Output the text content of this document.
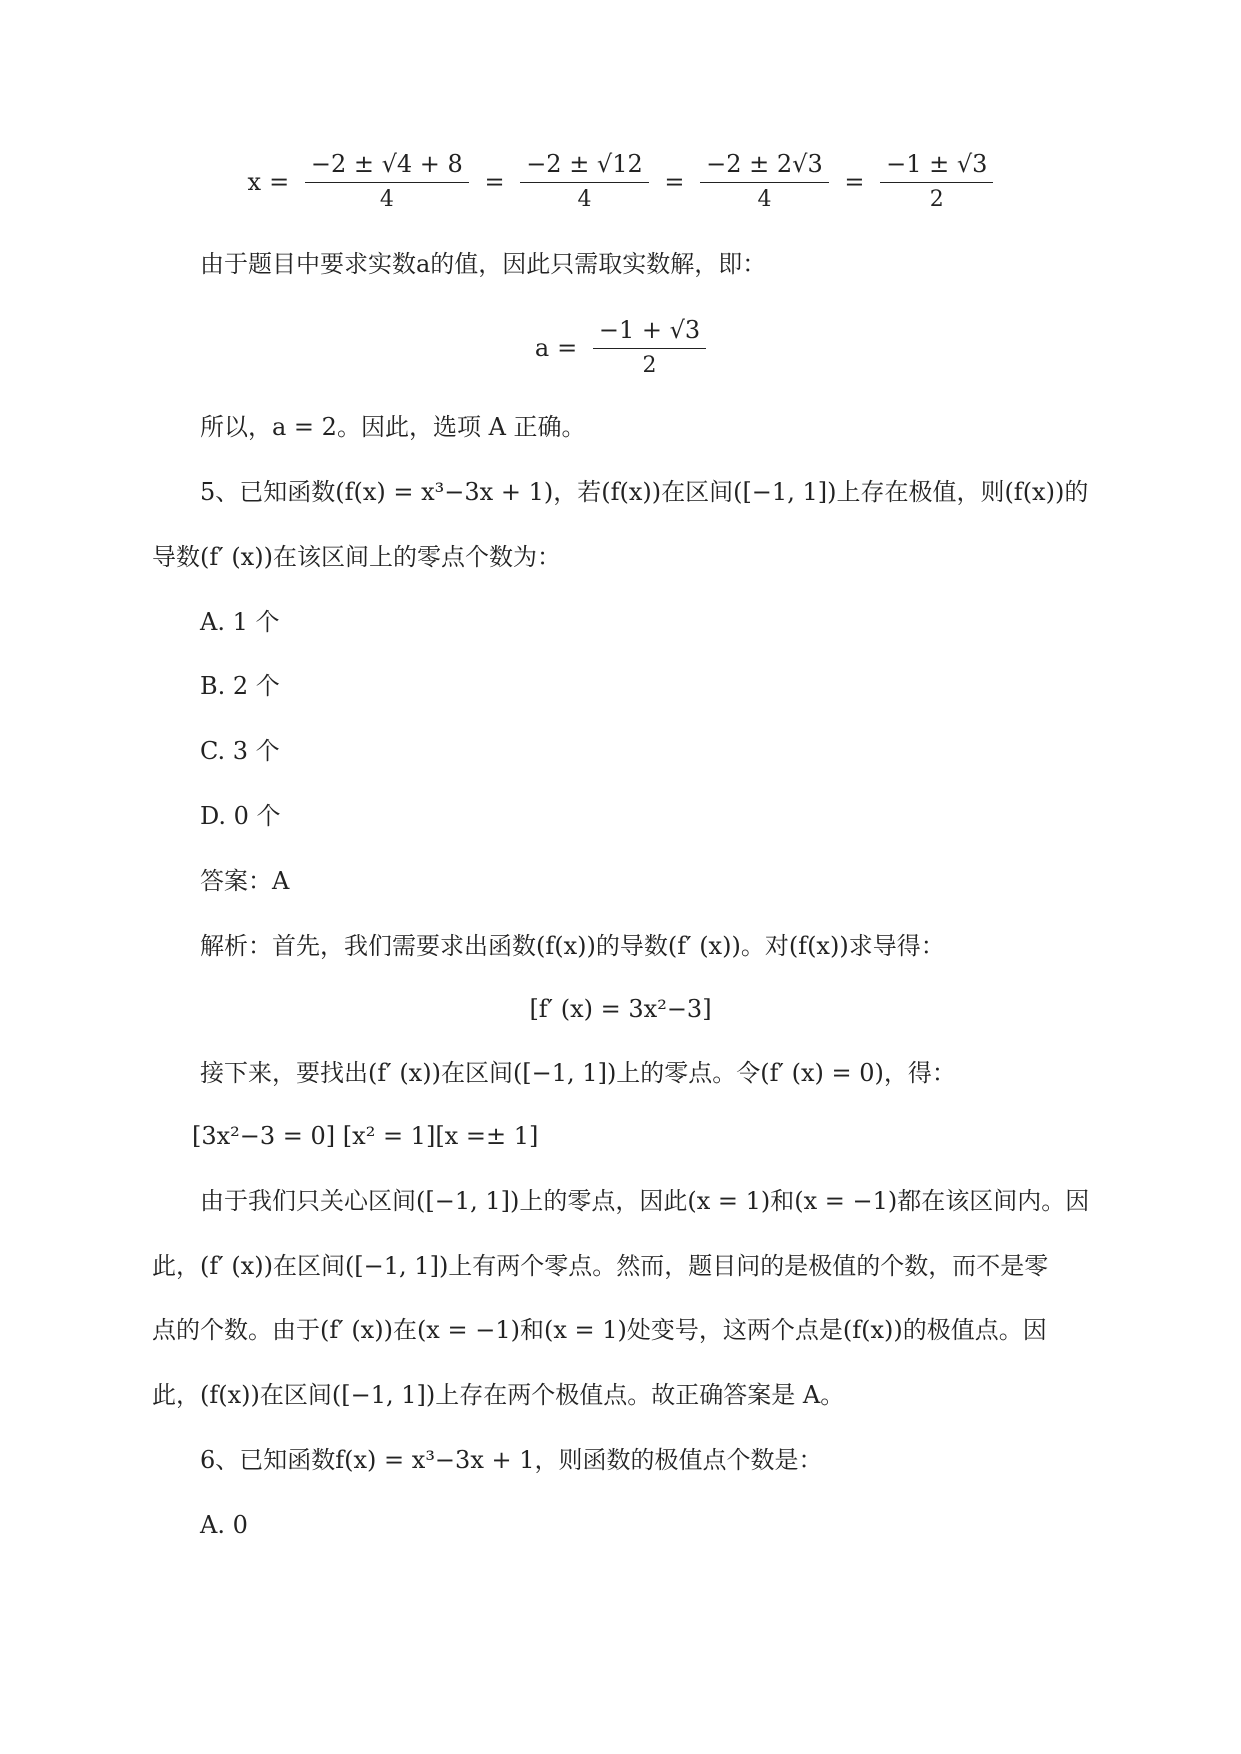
$x = \frac{-2 \pm √4 + 8}{4} = \frac{-2 \pm √12}{4} = \frac{-2 \pm 2√3}{4} = \frac{-1 \pm √3}{2}$
由于题目中要求实数a的值，因此只需取实数解，即：
$a = \frac{-1 + √3}{2}$
所以，a = 2。因此，选项 A 正确。
5、已知函数(f(x) = x³−3x + 1)，若(f(x))在区间([−1, 1])上存在极值，则(f(x))的
导数(f′ (x))在该区间上的零点个数为：
A. 1 个
B. 2 个
C. 3 个
D. 0 个
答案：A
解析：首先，我们需要求出函数(f(x))的导数(f′ (x))。对(f(x))求导得：
[f′ (x) = 3x²−3]
接下来，要找出(f′ (x))在区间([−1, 1])上的零点。令(f′ (x) = 0)，得：
[3x²−3 = 0] [x² = 1][x =± 1]
由于我们只关心区间([−1, 1])上的零点，因此(x = 1)和(x = −1)都在该区间内。因
此，(f′ (x))在区间([−1, 1])上有两个零点。然而，题目问的是极值的个数，而不是零
点的个数。由于(f′ (x))在(x = −1)和(x = 1)处变号，这两个点是(f(x))的极值点。因
此，(f(x))在区间([−1, 1])上存在两个极值点。故正确答案是 A。
6、已知函数f(x) = x³−3x + 1，则函数的极值点个数是：
A. 0
